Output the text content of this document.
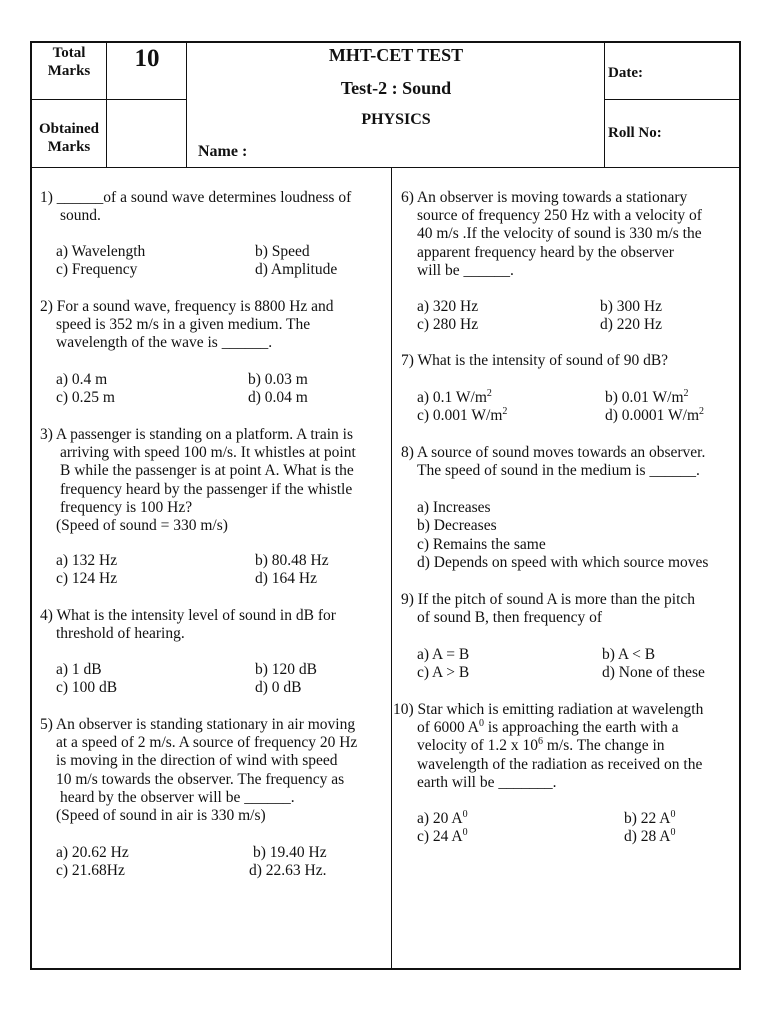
Total
Marks	10
Obtained
Marks
MHT-CET TEST
Test-2 : Sound
PHYSICS
Name :
Date:
Roll No:
1) ______of a sound wave determines loudness of
sound.
a) Wavelength	b) Speed
c) Frequency	d) Amplitude
2) For a sound wave, frequency is 8800 Hz and
speed is 352 m/s in a given medium. The
wavelength of the wave is ______.
a) 0.4 m	b) 0.03 m
c) 0.25 m	d) 0.04 m
3) A passenger is standing on a platform. A train is
arriving with speed 100 m/s. It whistles at point
B while the passenger is at point A. What is the
frequency heard by the passenger if the whistle
frequency is 100 Hz?
(Speed of sound = 330 m/s)
a) 132 Hz	b) 80.48 Hz
c) 124 Hz	d) 164 Hz
4) What is the intensity level of sound in dB for
threshold of hearing.
a) 1 dB	b) 120 dB
c) 100 dB	d) 0 dB
5) An observer is standing stationary in air moving
at a speed of 2 m/s. A source of frequency 20 Hz
is moving in the direction of wind with speed
10 m/s towards the observer. The frequency as
heard by the observer will be ______.
(Speed of sound in air is 330 m/s)
a) 20.62 Hz	b) 19.40 Hz
c) 21.68Hz	d) 22.63 Hz.
6) An observer is moving towards a stationary
source of frequency 250 Hz with a velocity of
40 m/s .If the velocity of sound is 330 m/s the
apparent frequency heard by the observer
will be ______.
a) 320 Hz	b) 300 Hz
c) 280 Hz	d) 220 Hz
7) What is the intensity of sound of 90 dB?
a) 0.1 $W/m^2$	b) 0.01 $W/m^2$
c) 0.001 $W/m^2$	d) 0.0001 $W/m^2$
8) A source of sound moves towards an observer.
The speed of sound in the medium is ______.
a) Increases
b) Decreases
c) Remains the same
d) Depends on speed with which source moves
9) If the pitch of sound A is more than the pitch
of sound B, then frequency of
a) A = B	b) A < B
c) A > B	d) None of these
10) Star which is emitting radiation at wavelength
of 6000 $A^0$ is approaching the earth with a
velocity of 1.2 x $10^6$ m/s. The change in
wavelength of the radiation as received on the
earth will be _______.
a) 20 $A^0$	b) 22 $A^0$
c) 24 $A^0$	d) 28 $A^0$
